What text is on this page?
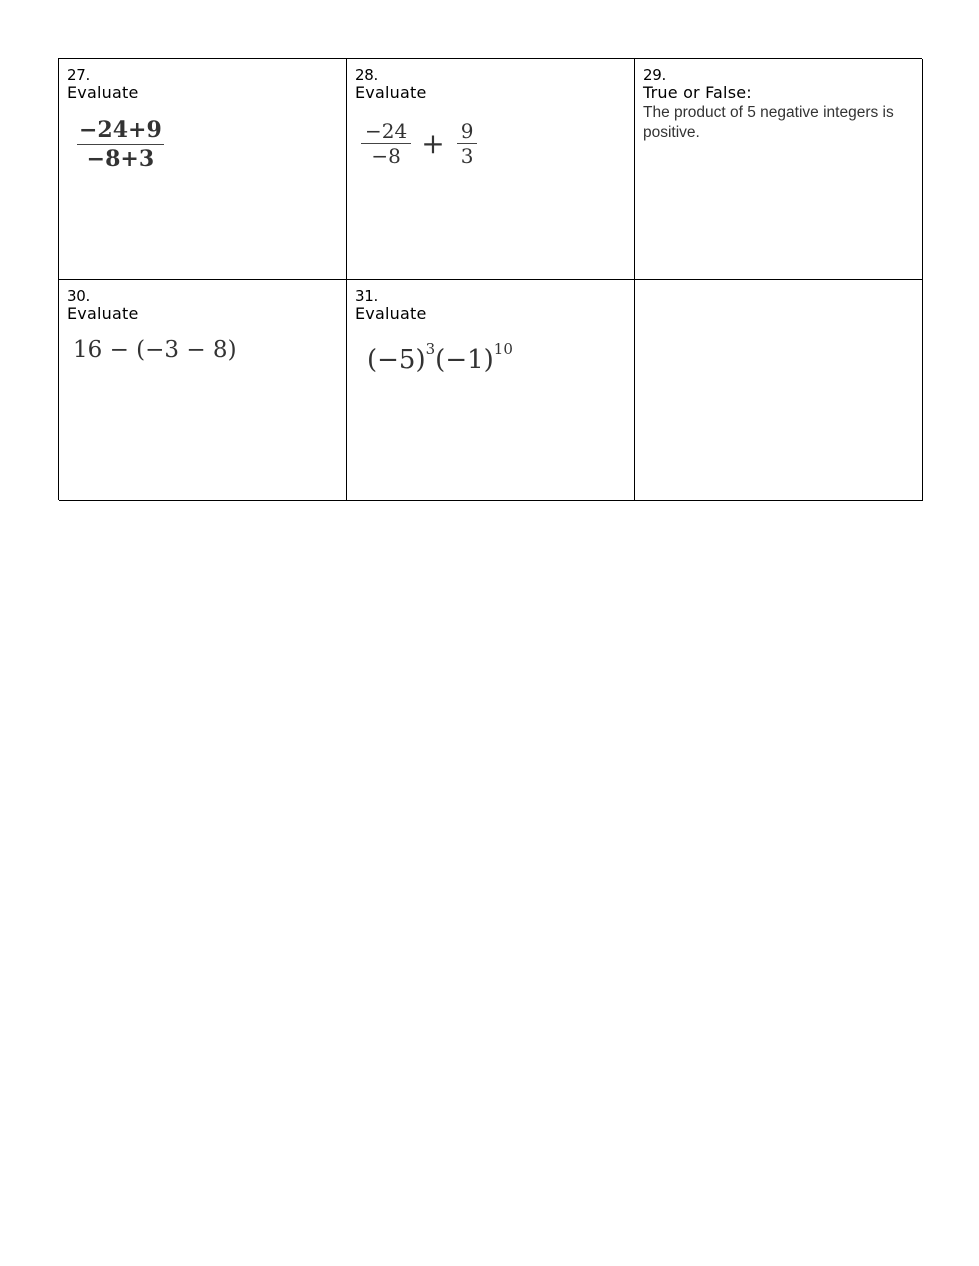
27.
Evaluate
$\frac{-24+9}{-8+3}$
28.
Evaluate
$\frac{-24}{-8} + \frac{9}{3}$
29.
True or False:
The product of 5 negative integers is positive.
30.
Evaluate
16 − (−3 − 8)
31.
Evaluate
$(-5)^3(-1)^{10}$
